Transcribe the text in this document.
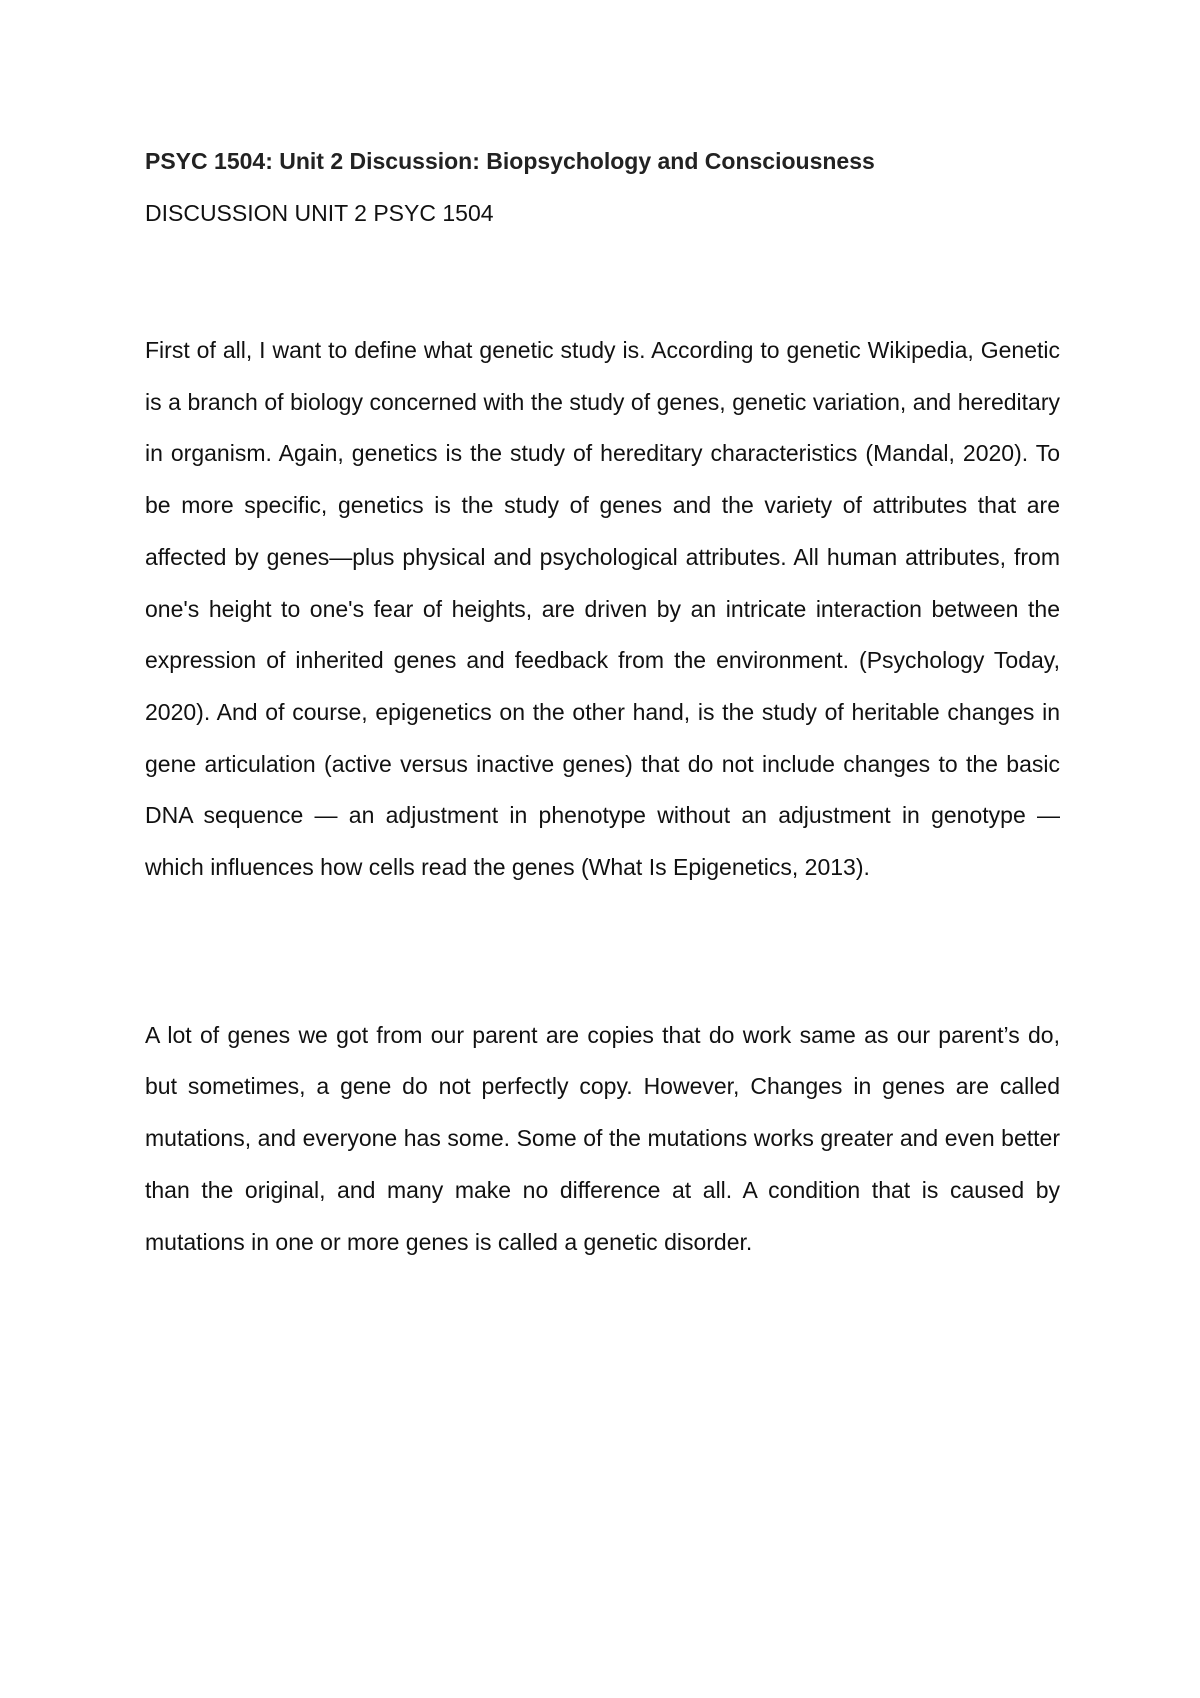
PSYC 1504: Unit 2 Discussion: Biopsychology and Consciousness

DISCUSSION UNIT 2 PSYC 1504

First of all, I want to define what genetic study is. According to genetic Wikipedia, Genetic is a branch of biology concerned with the study of genes, genetic variation, and hereditary in organism. Again, genetics is the study of hereditary characteristics (Mandal, 2020). To be more specific, genetics is the study of genes and the variety of attributes that are affected by genes—plus physical and psychological attributes. All human attributes, from one's height to one's fear of heights, are driven by an intricate interaction between the expression of inherited genes and feedback from the environment. (Psychology Today, 2020). And of course, epigenetics on the other hand, is the study of heritable changes in gene articulation (active versus inactive genes) that do not include changes to the basic DNA sequence — an adjustment in phenotype without an adjustment in genotype — which influences how cells read the genes (What Is Epigenetics, 2013).

A lot of genes we got from our parent are copies that do work same as our parent’s do, but sometimes, a gene do not perfectly copy. However, Changes in genes are called mutations, and everyone has some. Some of the mutations works greater and even better than the original, and many make no difference at all. A condition that is caused by mutations in one or more genes is called a genetic disorder.
